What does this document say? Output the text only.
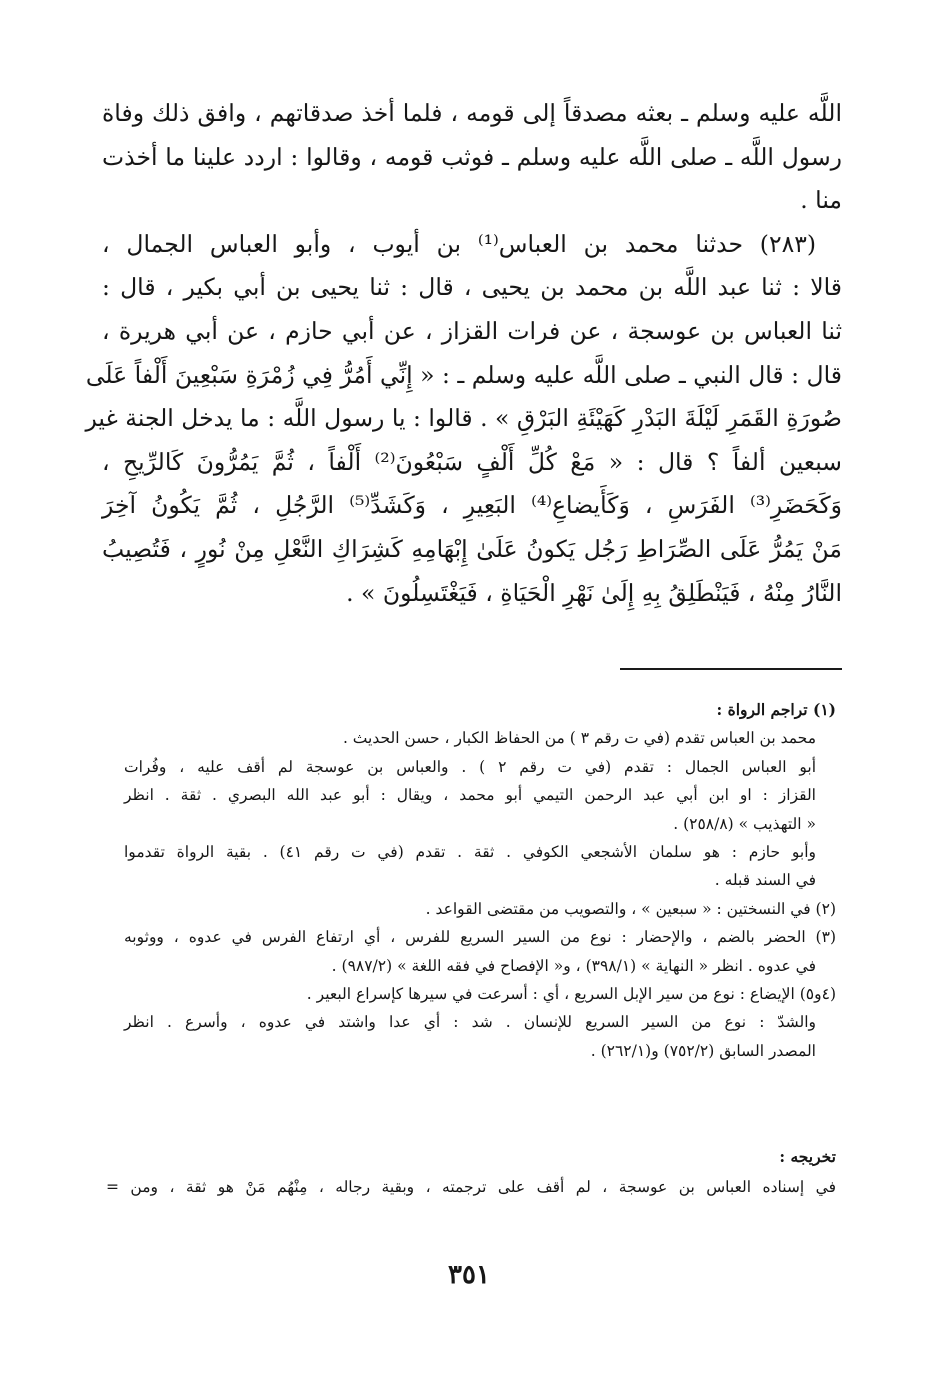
اللَّه عليه وسلم ـ بعثه مصدقاً إلى قومه ، فلما أخذ صدقاتهم ، وافق ذلك وفاة
رسول اللَّه ـ صلى اللَّه عليه وسلم ـ فوثب قومه ، وقالوا : اردد علينا ما أخذت
منا .
(٢٨٣) حدثنا محمد بن العباس⁽¹⁾ بن أيوب ، وأبو العباس الجمال ،
قالا : ثنا عبد اللَّه بن محمد بن يحيى ، قال : ثنا يحيى بن أبي بكير ، قال :
ثنا العباس بن عوسجة ، عن فرات القزاز ، عن أبي حازم ، عن أبي هريرة ،
قال : قال النبي ـ صلى اللَّه عليه وسلم ـ : « إِنِّي أَمُرُّ فِي زُمْرَةِ سَبْعِينَ أَلْفاً عَلَى
صُورَةِ القَمَرِ لَيْلَةَ البَدْرِ كَهَيْئَةِ البَرْقِ » . قالوا : يا رسول اللَّه : ما يدخل الجنة غير
سبعين ألفاً ؟ قال : « مَعْ كُلِّ أَلْفٍ سَبْعُونَ⁽²⁾ أَلْفاً ، ثُمَّ يَمُرُّونَ كَالرِّيحِ ،
وَكَحَضَرِ⁽³⁾ الفَرَسِ ، وَكَأَيضاعِ⁽⁴⁾ البَعِيرِ ، وَكَشَدِّ⁽⁵⁾ الرَّجُلِ ، ثُمَّ يَكُونُ آخِرَ
مَنْ يَمُرُّ عَلَى الصِّرَاطِ رَجُل يَكونُ عَلَىٰ إِبْهَامِهِ كَشِرَاكِ النَّعْلِ مِنْ نُورٍ ، فَتُصِيبُ
النَّارُ مِنْهُ ، فَيَنْطَلِقُ بِهِ إِلَىٰ نَهْرِ الْحَيَاةِ ، فَيَغْتَسِلُونَ » .
(١) تراجم الرواة :
محمد بن العباس تقدم (في ت رقم ٣ ) من الحفاظ الكبار ، حسن الحديث .
أبو العباس الجمال : تقدم (في ت رقم ٢ ) . والعباس بن عوسجة لم أقف عليه ، وفُرات
القزاز : او ابن أبي عبد الرحمن التيمي أبو محمد ، ويقال : أبو عبد الله البصري . ثقة . انظر
« التهذيب » (٢٥٨/٨) .
وأبو حازم : هو سلمان الأشجعي الكوفي . ثقة . تقدم (في ت رقم ٤١) . بقية الرواة تقدموا
في السند قبله .
(٢) في النسختين : « سبعين » ، والتصويب من مقتضى القواعد .
(٣) الحضر بالضم ، والإحضار : نوع من السير السريع للفرس ، أي ارتفاع الفرس في عدوه ، ووثوبه
في عدوه . انظر « النهاية » (٣٩٨/١) ، و« الإفصاح في فقه اللغة » (٩٨٧/٢) .
(٤و٥) الإيضاع : نوع من سير الإبل السريع ، أي : أسرعت في سيرها كإسراع البعير .
والشدّ : نوع من السير السريع للإنسان . شد : أي عدا واشتد في عدوه ، وأسرع . انظر
المصدر السابق (٧٥٢/٢) و(٢٦٢/١) .
تخريجه :
في إسناده العباس بن عوسجة ، لم أقف على ترجمته ، وبقية رجاله ، مِنْهُم مَنْ هو ثقة ، ومن =
٣٥١
